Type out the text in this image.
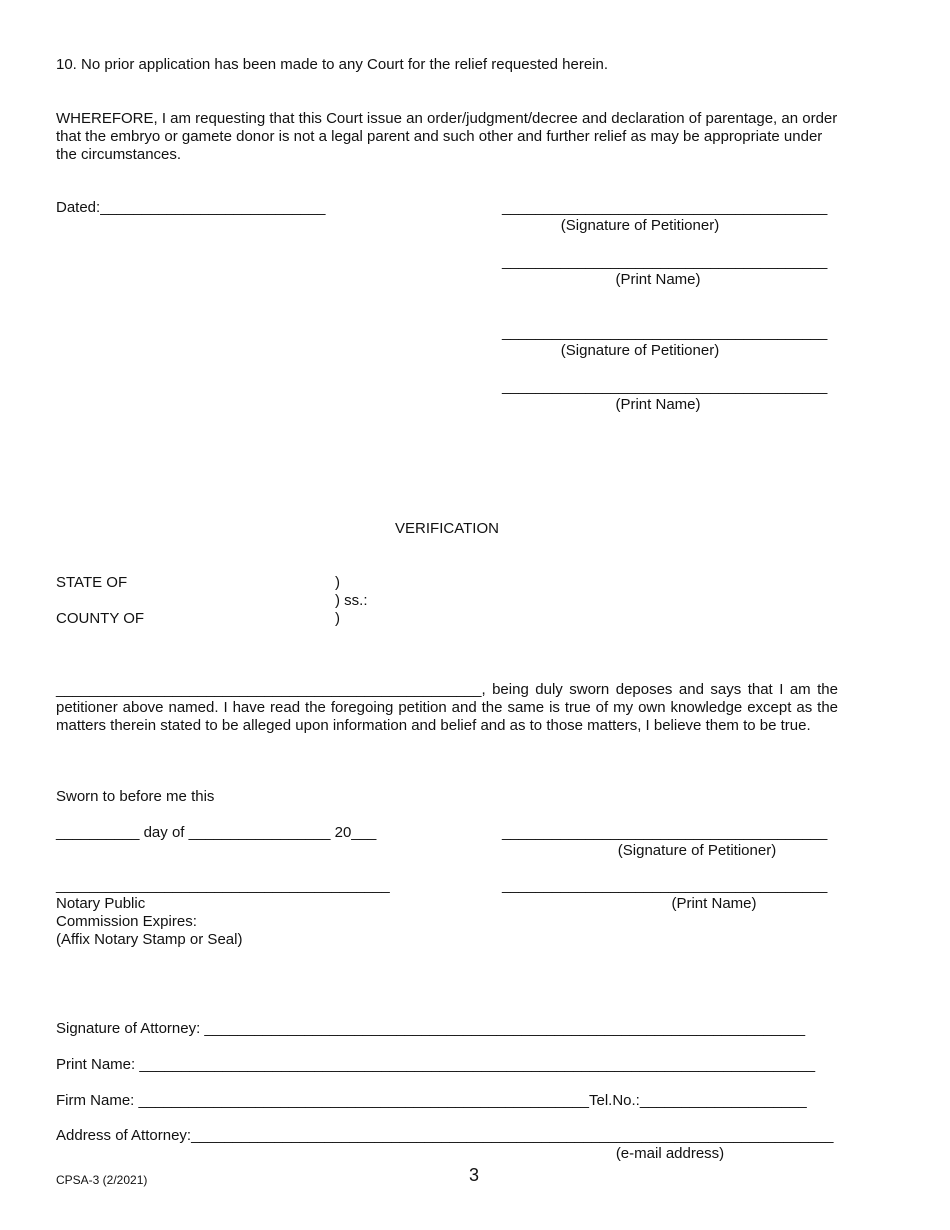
10. No prior application has been made to any Court for the relief requested herein.
WHEREFORE, I am requesting that this Court issue an order/judgment/decree and declaration of parentage, an order that the embryo or gamete donor is not a legal parent and such other and further relief as may be appropriate under the circumstances.
Dated:___________________________	_______________________________________
(Signature of Petitioner)
_______________________________________
(Print Name)
_______________________________________
(Signature of Petitioner)
_______________________________________
(Print Name)
VERIFICATION
STATE OF	)
) ss.:
COUNTY OF	)
___________________________________________________, being duly sworn deposes and says that I am the petitioner above named. I have read the foregoing petition and the same is true of my own knowledge except as the matters therein stated to be alleged upon information and belief and as to those matters, I believe them to be true.
Sworn to before me this
__________ day of _________________ 20___	_______________________________________
(Signature of Petitioner)
________________________________________	_______________________________________
Notary Public	(Print Name)
Commission Expires:
(Affix Notary Stamp or Seal)
Signature of Attorney: ________________________________________________________________________
Print Name: _________________________________________________________________________________
Firm Name: ______________________________________________________Tel.No.:____________________
Address of Attorney:_____________________________________________________________________________
(e-mail address)
CPSA-3 (2/2021)	3
